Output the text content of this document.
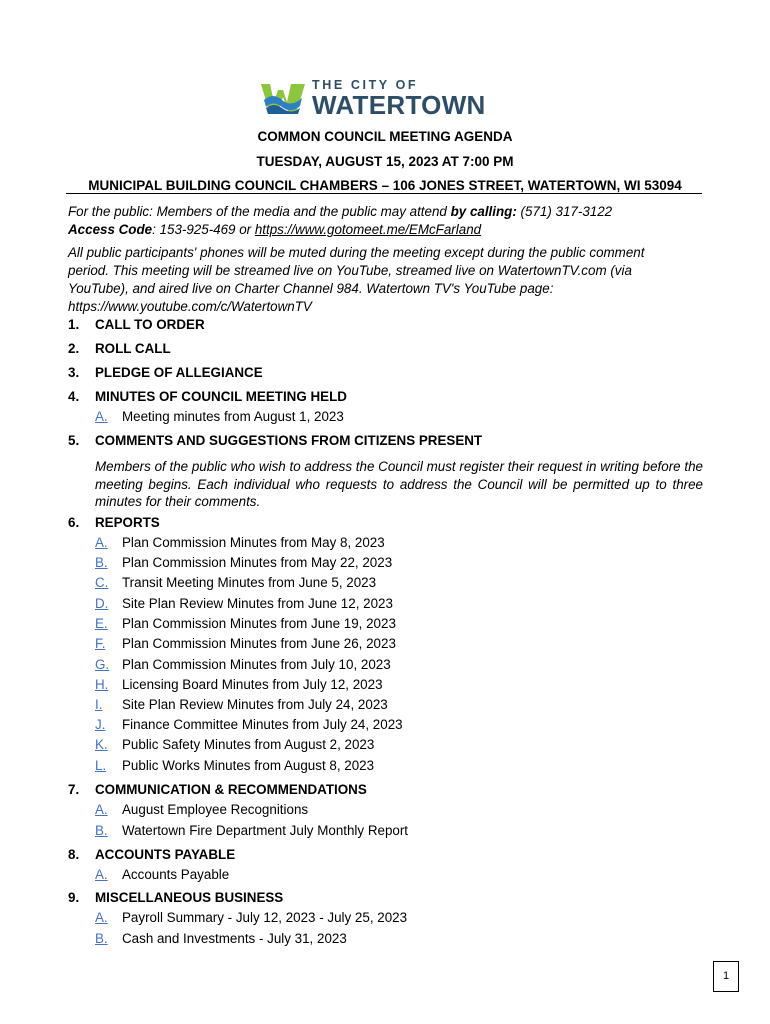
THE CITY OF
WATERTOWN
COMMON COUNCIL MEETING AGENDA
TUESDAY, AUGUST 15, 2023 AT 7:00 PM
MUNICIPAL BUILDING COUNCIL CHAMBERS – 106 JONES STREET, WATERTOWN, WI 53094
For the public: Members of the media and the public may attend by calling: (571) 317-3122
Access Code: 153-925-469 or https://www.gotomeet.me/EMcFarland
All public participants' phones will be muted during the meeting except during the public comment period. This meeting will be streamed live on YouTube, streamed live on WatertownTV.com (via YouTube), and aired live on Charter Channel 984. Watertown TV's YouTube page: https://www.youtube.com/c/WatertownTV
1. CALL TO ORDER
2. ROLL CALL
3. PLEDGE OF ALLEGIANCE
4. MINUTES OF COUNCIL MEETING HELD
A. Meeting minutes from August 1, 2023
5. COMMENTS AND SUGGESTIONS FROM CITIZENS PRESENT
Members of the public who wish to address the Council must register their request in writing before the meeting begins. Each individual who requests to address the Council will be permitted up to three minutes for their comments.
6. REPORTS
A. Plan Commission Minutes from May 8, 2023
B. Plan Commission Minutes from May 22, 2023
C. Transit Meeting Minutes from June 5, 2023
D. Site Plan Review Minutes from June 12, 2023
E. Plan Commission Minutes from June 19, 2023
F. Plan Commission Minutes from June 26, 2023
G. Plan Commission Minutes from July 10, 2023
H. Licensing Board Minutes from July 12, 2023
I. Site Plan Review Minutes from July 24, 2023
J. Finance Committee Minutes from July 24, 2023
K. Public Safety Minutes from August 2, 2023
L. Public Works Minutes from August 8, 2023
7. COMMUNICATION & RECOMMENDATIONS
A. August Employee Recognitions
B. Watertown Fire Department July Monthly Report
8. ACCOUNTS PAYABLE
A. Accounts Payable
9. MISCELLANEOUS BUSINESS
A. Payroll Summary - July 12, 2023 - July 25, 2023
B. Cash and Investments - July 31, 2023
1
